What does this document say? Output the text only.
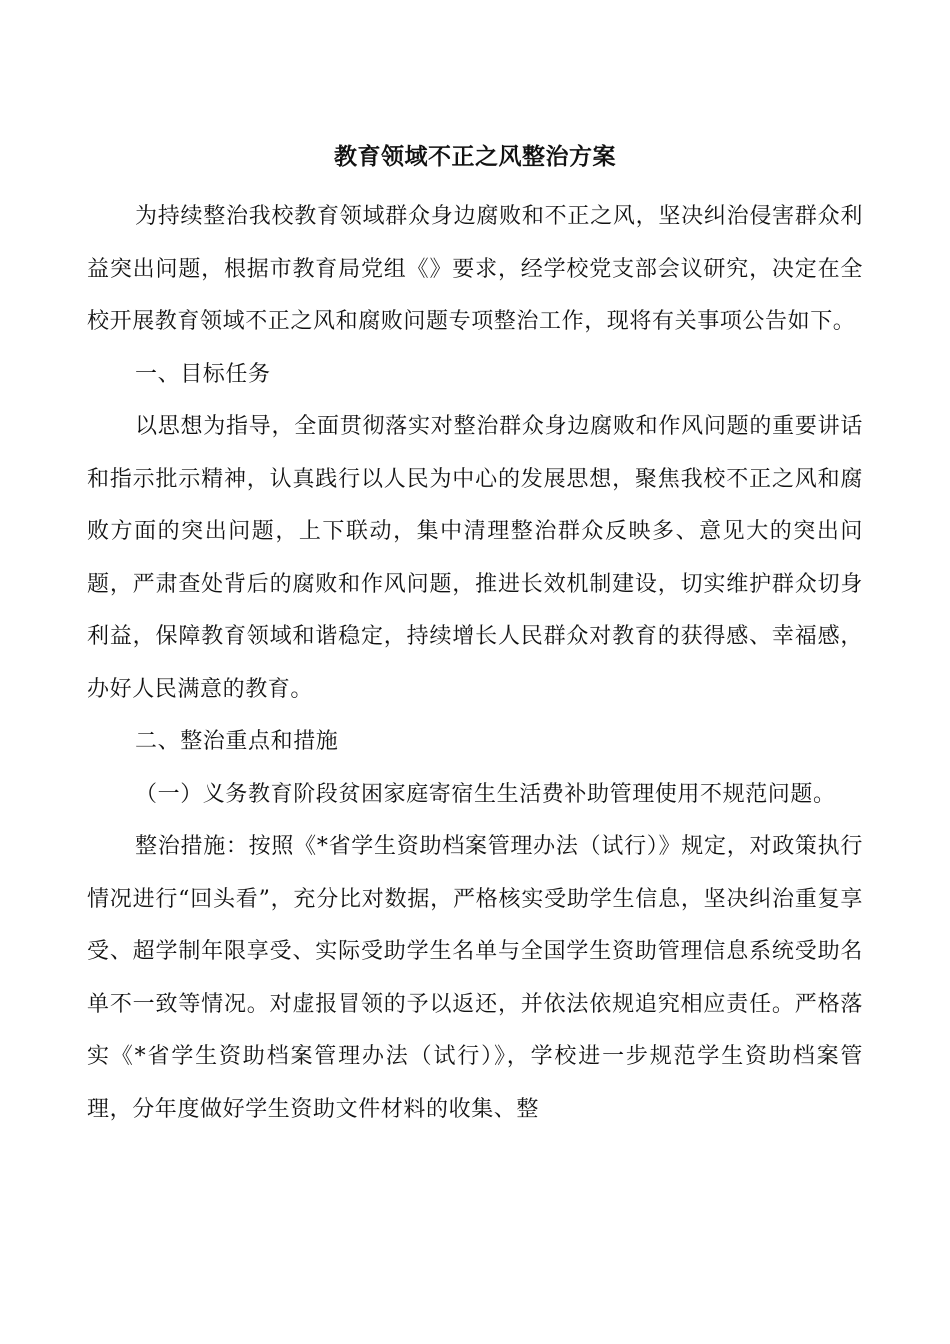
教育领域不正之风整治方案

为持续整治我校教育领域群众身边腐败和不正之风，坚决纠治侵害群众利益突出问题，根据市教育局党组《》要求，经学校党支部会议研究，决定在全校开展教育领域不正之风和腐败问题专项整治工作，现将有关事项公告如下。

一、目标任务

以思想为指导，全面贯彻落实对整治群众身边腐败和作风问题的重要讲话和指示批示精神，认真践行以人民为中心的发展思想，聚焦我校不正之风和腐败方面的突出问题，上下联动，集中清理整治群众反映多、意见大的突出问题，严肃查处背后的腐败和作风问题，推进长效机制建设，切实维护群众切身利益，保障教育领域和谐稳定，持续增长人民群众对教育的获得感、幸福感，办好人民满意的教育。

二、整治重点和措施

（一）义务教育阶段贫困家庭寄宿生生活费补助管理使用不规范问题。

整治措施：按照《*省学生资助档案管理办法（试行）》规定，对政策执行情况进行“回头看”，充分比对数据，严格核实受助学生信息，坚决纠治重复享受、超学制年限享受、实际受助学生名单与全国学生资助管理信息系统受助名单不一致等情况。对虚报冒领的予以返还，并依法依规追究相应责任。严格落实《*省学生资助档案管理办法（试行）》，学校进一步规范学生资助档案管理，分年度做好学生资助文件材料的收集、整
